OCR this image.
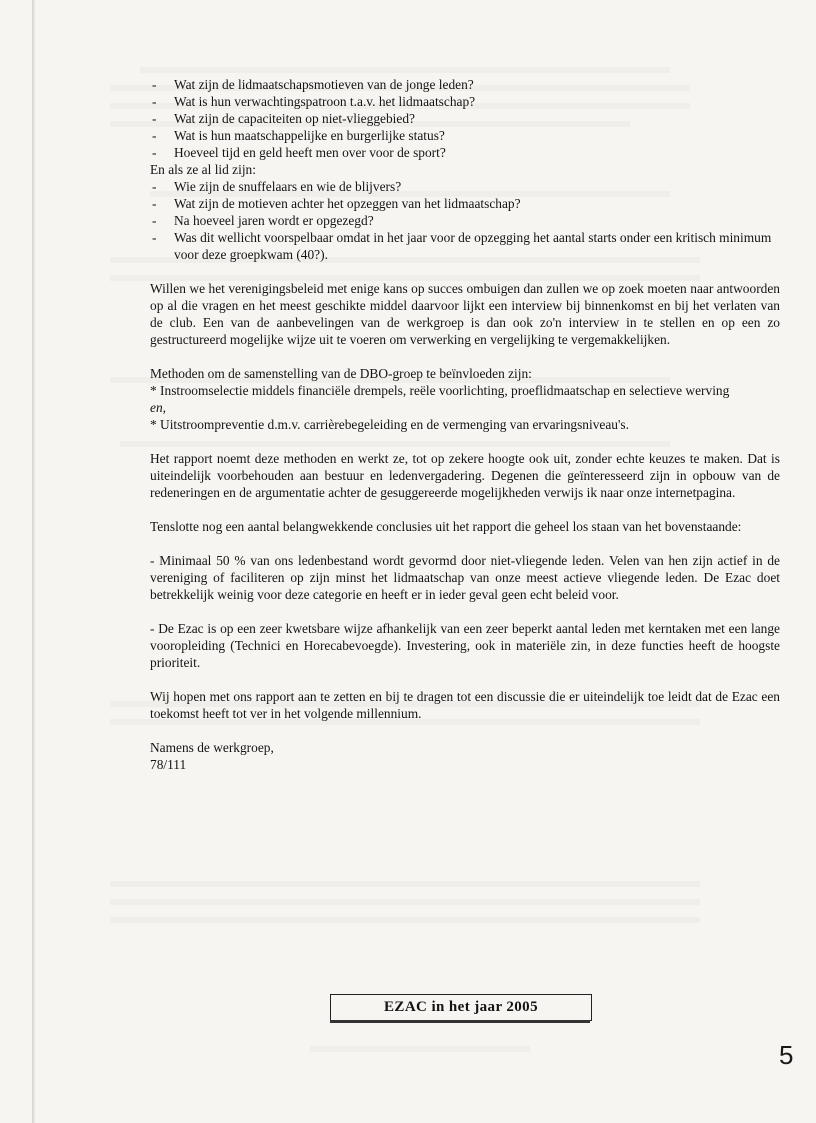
- Wat zijn de lidmaatschapsmotieven van de jonge leden?
- Wat is hun verwachtingspatroon t.a.v. het lidmaatschap?
- Wat zijn de capaciteiten op niet-vlieggebied?
- Wat is hun maatschappelijke en burgerlijke status?
- Hoeveel tijd en geld heeft men over voor de sport?

En als ze al lid zijn:

- Wie zijn de snuffelaars en wie de blijvers?
- Wat zijn de motieven achter het opzeggen van het lidmaatschap?
- Na hoeveel jaren wordt er opgezegd?
- Was dit wellicht voorspelbaar omdat in het jaar voor de opzegging het aantal starts onder een kritisch minimum voor deze groepkwam (40?).

Willen we het verenigingsbeleid met enige kans op succes ombuigen dan zullen we op zoek moeten naar antwoorden op al die vragen en het meest geschikte middel daarvoor lijkt een interview bij binnenkomst en bij het verlaten van de club. Een van de aanbevelingen van de werkgroep is dan ook zo'n interview in te stellen en op een zo gestructureerd mogelijke wijze uit te voeren om verwerking en vergelijking te vergemakkelijken.

Methoden om de samenstelling van de DBO-groep te beïnvloeden zijn:

* Instroomselectie middels financiële drempels, reële voorlichting, proeflidmaatschap en selectieve werving

en,

* Uitstroompreventie d.m.v. carrièrebegeleiding en de vermenging van ervaringsniveau's.

Het rapport noemt deze methoden en werkt ze, tot op zekere hoogte ook uit, zonder echte keuzes te maken. Dat is uiteindelijk voorbehouden aan bestuur en ledenvergadering. Degenen die geïnteresseerd zijn in opbouw van de redeneringen en de argumentatie achter de gesuggereerde mogelijkheden verwijs ik naar onze internetpagina.

Tenslotte nog een aantal belangwekkende conclusies uit het rapport die geheel los staan van het bovenstaande:

- Minimaal 50 % van ons ledenbestand wordt gevormd door niet-vliegende leden. Velen van hen zijn actief in de vereniging of faciliteren op zijn minst het lidmaatschap van onze meest actieve vliegende leden. De Ezac doet betrekkelijk weinig voor deze categorie en heeft er in ieder geval geen echt beleid voor.

- De Ezac is op een zeer kwetsbare wijze afhankelijk van een zeer beperkt aantal leden met kerntaken met een lange vooropleiding (Technici en Horecabevoegde). Investering, ook in materiële zin, in deze functies heeft de hoogste prioriteit.

Wij hopen met ons rapport aan te zetten en bij te dragen tot een discussie die er uiteindelijk toe leidt dat de Ezac een toekomst heeft tot ver in het volgende millennium.

Namens de werkgroep,

78/111

EZAC in het jaar 2005
5
